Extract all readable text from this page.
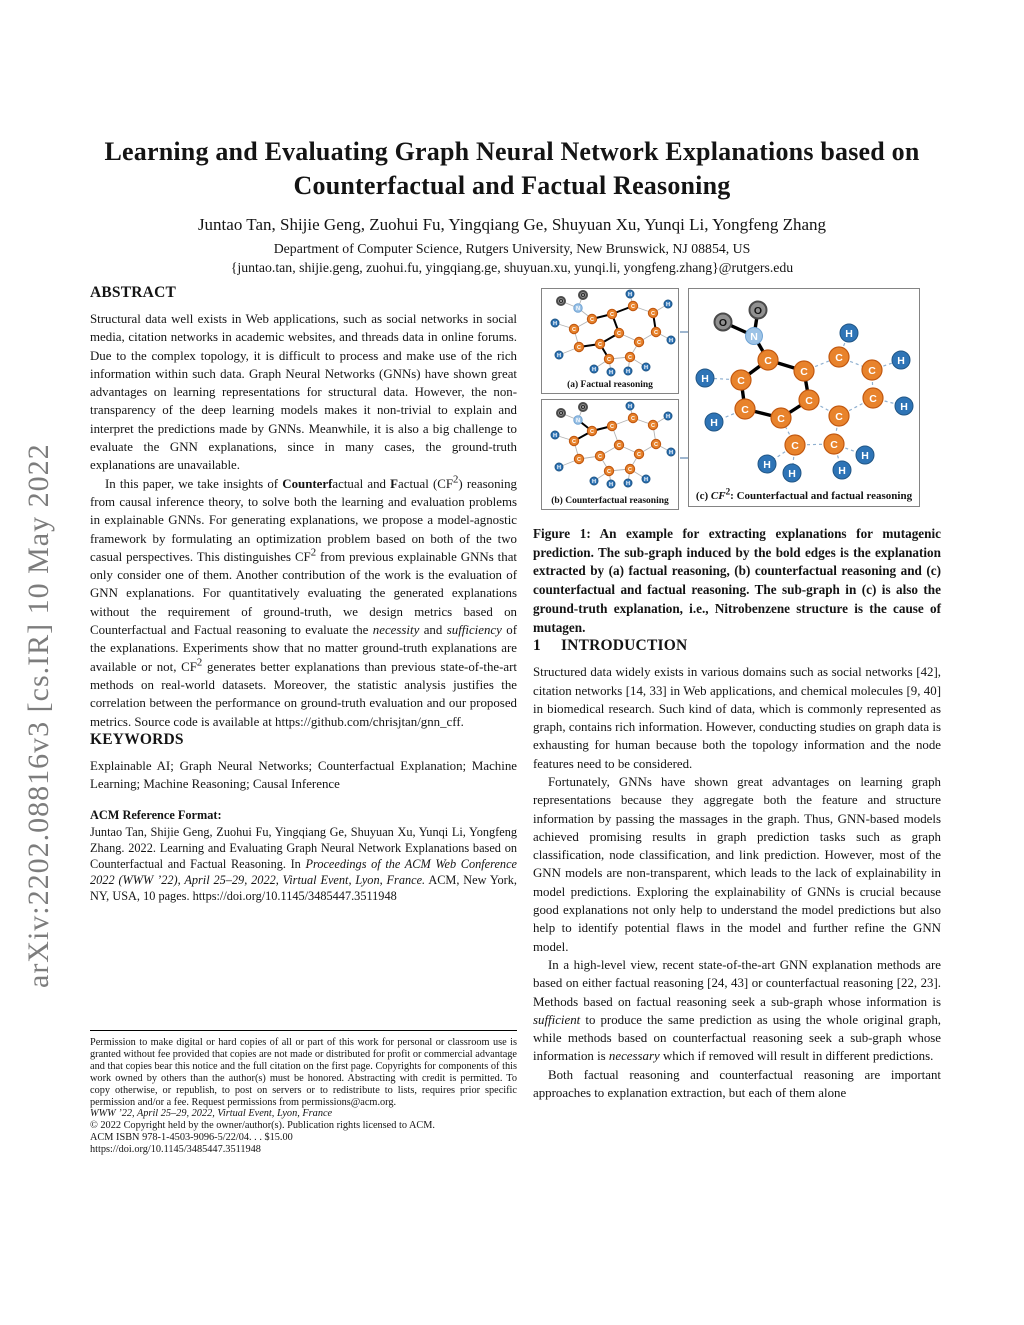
arXiv:2202.08816v3 [cs.IR] 10 May 2022
Learning and Evaluating Graph Neural Network Explanations based on Counterfactual and Factual Reasoning
Juntao Tan, Shijie Geng, Zuohui Fu, Yingqiang Ge, Shuyuan Xu, Yunqi Li, Yongfeng Zhang
Department of Computer Science, Rutgers University, New Brunswick, NJ 08854, US
{juntao.tan, shijie.geng, zuohui.fu, yingqiang.ge, shuyuan.xu, yunqi.li, yongfeng.zhang}@rutgers.edu
ABSTRACT

Structural data well exists in Web applications, such as social networks in social media, citation networks in academic websites, and threads data in online forums. Due to the complex topology, it is difficult to process and make use of the rich information within such data. Graph Neural Networks (GNNs) have shown great advantages on learning representations for structural data. However, the non-transparency of the deep learning models makes it non-trivial to explain and interpret the predictions made by GNNs. Meanwhile, it is also a big challenge to evaluate the GNN explanations, since in many cases, the ground-truth explanations are unavailable.

In this paper, we take insights of Counterfactual and Factual $(CF^2)$ reasoning from causal inference theory, to solve both the learning and evaluation problems in explainable GNNs. For generating explanations, we propose a model-agnostic framework by formulating an optimization problem based on both of the two casual perspectives. This distinguishes $CF^2$ from previous explainable GNNs that only consider one of them. Another contribution of the work is the evaluation of GNN explanations. For quantitatively evaluating the generated explanations without the requirement of ground-truth, we design metrics based on Counterfactual and Factual reasoning to evaluate the necessity and sufficiency of the explanations. Experiments show that no matter ground-truth explanations are available or not, $CF^2$ generates better explanations than previous state-of-the-art methods on real-world datasets. Moreover, the statistic analysis justifies the correlation between the performance on ground-truth evaluation and our proposed metrics. Source code is available at https://github.com/chrisjtan/gnn_cff.

KEYWORDS

Explainable AI; Graph Neural Networks; Counterfactual Explanation; Machine Learning; Machine Reasoning; Causal Inference

ACM Reference Format:

Juntao Tan, Shijie Geng, Zuohui Fu, Yingqiang Ge, Shuyuan Xu, Yunqi Li, Yongfeng Zhang. 2022. Learning and Evaluating Graph Neural Network Explanations based on Counterfactual and Factual Reasoning. In Proceedings of the ACM Web Conference 2022 (WWW ’22), April 25–29, 2022, Virtual Event, Lyon, France. ACM, New York, NY, USA, 10 pages. https://doi.org/10.1145/3485447.3511948

Permission to make digital or hard copies of all or part of this work for personal or classroom use is granted without fee provided that copies are not made or distributed for profit or commercial advantage and that copies bear this notice and the full citation on the first page. Copyrights for components of this work owned by others than the author(s) must be honored. Abstracting with credit is permitted. To copy otherwise, or republish, to post on servers or to redistribute to lists, requires prior specific permission and/or a fee. Request permissions from permissions@acm.org.

WWW ’22, April 25–29, 2022, Virtual Event, Lyon, France

© 2022 Copyright held by the owner/author(s). Publication rights licensed to ACM.

ACM ISBN 978-1-4503-9096-5/22/04. . . $15.00

https://doi.org/10.1145/3485447.3511948

O
O
N
C
C
C
C
C
C
C
C
C	C
C	C
H
H
H
H
H
H H H
H
(a) Factual reasoning
O
O
N
C
C
C
C
C
C
C
C
C	C
C	C
H
H
H
H
H
H H H
H
(b) Counterfactual reasoning
O
O
N
C
C
C
C
C
C
C
C
C
C
C	C
H
H
H
H
H
H
H	H
H
(c) $CF^2$: Counterfactual and factual reasoning

Figure 1: An example for extracting explanations for mutagenic prediction. The sub-graph induced by the bold edges is the explanation extracted by (a) factual reasoning, (b) counterfactual reasoning and (c) counterfactual and factual reasoning. The sub-graph in (c) is also the ground-truth explanation, i.e., Nitrobenzene structure is the cause of mutagen.

1 INTRODUCTION

Structured data widely exists in various domains such as social networks [42], citation networks [14, 33] in Web applications, and chemical molecules [9, 40] in biomedical research. Such kind of data, which is commonly represented as graph, contains rich information. However, conducting studies on graph data is exhausting for human because both the topology information and the node features need to be considered.

Fortunately, GNNs have shown great advantages on learning graph representations because they aggregate both the feature and structure information by passing the massages in the graph. Thus, GNN-based models achieved promising results in graph prediction tasks such as graph classification, node classification, and link prediction. However, most of the GNN models are non-transparent, which leads to the lack of explainability in model predictions. Exploring the explainability of GNNs is crucial because good explanations not only help to understand the model predictions but also help to identify potential flaws in the model and further refine the GNN model.

In a high-level view, recent state-of-the-art GNN explanation methods are based on either factual reasoning [24, 43] or counterfactual reasoning [22, 23]. Methods based on factual reasoning seek a sub-graph whose information is sufficient to produce the same prediction as using the whole original graph, while methods based on counterfactual reasoning seek a sub-graph whose information is necessary which if removed will result in different predictions.

Both factual reasoning and counterfactual reasoning are important approaches to explanation extraction, but each of them alone
